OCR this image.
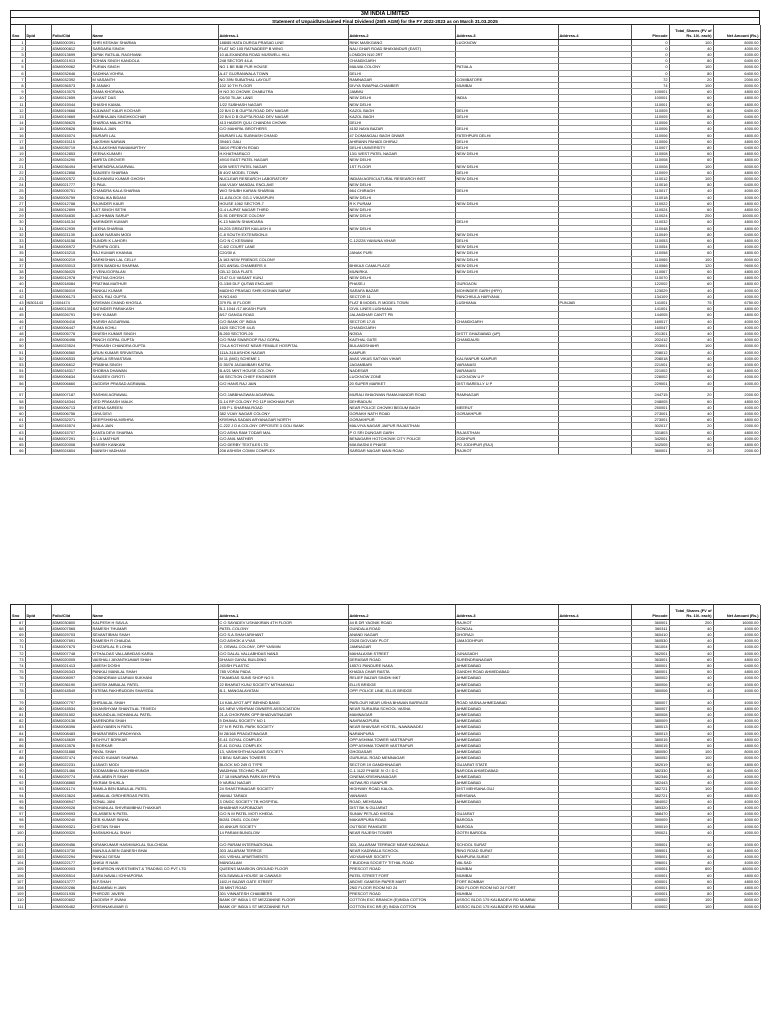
3M INDIA LIMITED
Statement of Unpaid/Unclaimed Final Dividend (26th AGM) for the FY 2022-2023 as on March 31.03.2025
Sno	Dpid	Folio/Clid	Name	Address-1	Address-2	Address-3	Address-4	Pincode	Total_Shares (FV of Rs. 10/- each)	Net Amount (Rs.)
1		83M0000391	SHRI KESHAV SHARMA	188/85 HATA DURGA PRASAD LINE	RINK MASKGANG	LUCKNOW		0	100	8000.00
2		83M0000812	SARDARA SINGH	FLAT NO 105 RATNADEEP B WING	NAU GHAR ROAD BHAYANDUR (EAST)			0	40	4000.00
3		83M0013699	DIPAK RATILAL RAGHVANI	10 ALEXANDRA ROAD MUSWELL HILL	LONDON N10 2RT			0	40	4000.00
4		83M0021913	SOHAN SINGH KANDOLA	248 SECTOR 44-A	CHANDIGARH			0	80	6400.00
5		83M0009062	PURAN SINGH	NO 1 BE BIBI PUR HOUSE	MALWA COLONY	PATIALA		0	100	8000.00
6		83M0032646	SADHNA VOHRA	A-47 GUJRANWALA TOWN	DELHI			0	80	6400.00
7		83M0032392	M VASANTH	NO 39N SUBATHAL LAYOUT	RAMNAGAR	COIMBATORE		72	20	2000.00
8		83M0036573	B JANAKI	102 10 TH FLOOR	DIVYA SWAPNA CHAMBER	MUMBAI		74	100	8000.00
9		83M0013075	RAMA KHORANA	H NO 30 CHOWK CHABUTRA	JAMMU			100001	60	4800.00
10		83M0012659	JAYANT DAS	C6/30 TILAK LANE	NEW DELHI	INDIA		100001	60	4800.00
11		83M0015044	SHASHI KAMAL	1/22 SUBHASH NAGAR	NEW DELHI			110001	60	4800.00
12		83M0019668	KULWANT KAUR KOCHAR	22 B/4 D B GUPTA ROAD DEV NAGAR	KAZOL BAGH	DELHI		110005	80	6400.00
13		83M0019669	HARBHAJAN SINGHKOCHAR	22 B/4 D B GUPTA ROAD DEV NAGAR	KAZOL BAGH	DELHI		110005	80	6400.00
14		83M0036625	SHARDA MALHOTRA	413 HAIDER QULI CHANDNI CHOWK	DELHI			110006	60	4800.00
15		83M0005626	BIMALA JAIN	C/O MAHIPAL BROTHERS	4152 NAYA BAZAR	DELHI		110006	40	4000.00
16		83M0015074	MURARI LAL	MURARI LAL SUBHASH CHAND	47 DOMANGALI BAGH DIWAR	FATEHPURI DELHI		110006	60	4800.00
17		83M0015115	LAKSHMI NARAIN	3944/1 GALI	AHIRANN PAHADI DHIRAJ	DELHI		110006	60	4800.00
18		83M0035719	RAJLAKSHMI RAMAMURTHY	38/10 PROBYN ROAD	DELHI UNIVERSITY	DELHI		110007	80	6400.00
19		83M0012853	VEENA KUMARI	H.KHATHAR&CO	13/1 WEST PATEL NAGAR	NEW DELHI		110008	60	4800.00
20		83M0024290	AMRITA GROVER	49/10 EAST PATEL NAGAR	NEW DELHI			110008	60	4800.00
21		83M0036494	HEMENDRA AGARWAL	6/39 WEST PATEL NAGAR	1ST FLOOR	NEW DELHI		110008	100	8000.00
22		83M0012858	SANJEEV SHARMA	B 40/2 MODEL TOWN		DELHI		110009	60	4800.00
23		83M0002572	SUDHANSU KUMAR GHOSH	NUCLEAR RESEARCH LABORATORY	INDIAN AGRICULTURAL RESEARCH INST	NEW DELHI		110012	100	8000.00
24		83M0021777	G PAUL	44A VIJAY MANDAL ENCLAVE	NEW DELHI			110016	80	6400.00
25		83M0005751	CHANDRA KALA SHARMA	W/O SHUBH KARAN SHARMA	664 CHIRAGH	DELHI		110017	40	4000.00
26		83M0005759	SONALIKA BIDANI	11-A BLOCK GG-1 VIKASPURI	NEW DELHI			110018	40	4000.00
27		83M0012788	RAJINDER KAUR	HOUSE 1062 SECTOR-7	R K PURAM	NEW DELHI		110022	60	4800.00
28		83M0012899	AJIT SINGH SETHI	G-4 LAJPAT NAGAR THIRD	NEW DELHI			110024	60	4800.00
29		83M0034830	LACHHMAN SARUP	D-91 DEFENCE COLONY	NEW DELHI			110024	200	16000.00
30		83M0018134	NARINDER KUMAR	K-13 NAVIN SHAHDARA		DELHI		110032	60	4800.00
31		83M0012939	VEENA SHARMA	M-203 GREATER KAILASH II	NEW DELHI			110048	60	4800.00
32		83M0021139	LAXMI NARAIN MODI	C-8 SOUTH EXTENSION-II		NEW DELHI		110049	80	6400.00
33		83M0018158	SUNDRI K LAHORI	C/O N C KESWANI	C-12/228 YAMUNA VIHAR	DELHI		110053	60	4800.00
34		83M0005972	PUSHPA GOEL	C-6/2 COURT LANE		NEW DELHI		110054	40	4000.00
35		83M0015215	RAJ KUMAR KHANNA	C20/30 A	JANAK PURI	NEW DELHI		110058	60	4800.00
36		83M0000219	HARKISHAN LAL CELLY	A 163 NEW FRIENDS COLONY		NEW DELHI		110065	100	8000.00
37		83M0033013	DEEN BANDHU SHARMA	421 ANSAL CHAMBERS II	BHIKAJI CAMA PLACE	NEW DELHI		110066	120	9600.00
38		83M0036025	V VENUGOPALAN	CB-12 DDA FLATS	MUNIRKA	NEW DELHI		110067	60	4800.00
39		83M0012978	PRATIVA GHOSH	2147 D-II VASANT KUNJ	NEW DELHI			110070	60	4800.00
40		83M0018084	PRATIMA MATHUR	G-13/8 DLF QUTAB ENCLAVE	PHASE-I	GURGAON		122002	60	4800.00
41		83M0036019	PANKAJ KUMAR	MADHO PRASAD SHRI KISHAN SARAF	SARAFA BAZAR	MOHINDER GARH (HRY)		123029	40	4000.00
42		83M0006173	MOOL RAJ GUPTA	H.NO.640	SECTOR 11	PANCHKULA HARYANA		134109	40	4000.00
43	IN301143	10004474	KRISHAN CHAND KHOSLA	379 RL III FLOOR	FLAT B MODEL R MODEL TOWN	LUDHIANA	PUNJAB	141001	75	6750.00
44		83M0013018	SATINDER PARAKASH	B-1 1044 /17 AKASH PURI	CIVIL LINES LUDHIANA			141001	60	4800.00
45		83M0026791	SHIV KUMAR	8/17 GANGA ROAD	JALANDHAR CANTT PB			144005	60	4800.00
46		83M0006416	HARISH AGGARWAL	C/O BANK OF INDIA	SECTOR 17-B	CHANDIGARH		160017	40	4000.00
47		83M0006447	RUMA KOHLI	1620 SECTOR 44-B	CHANDIGARH			160047	40	4000.00
48		83M0005778	DINESH KUMAR SINGH	B-260 SECTOR-26	NOIDA	DISTT GHAZIABAD (UP)		201301	40	4000.00
49		83M0006496	PANCH GOPAL GUPTA	C/O RAM SWAROOP RAJ GOPAL	KAITHAL GATE	CHANDAUSI		202412	40	4000.00
50		83M0023524	PRAKASH CHANDRA GUPTA	724-A KOTHIYAT NEAR FEMALE HOSPITAL	BULANDSHAHR			203001	100	8000.00
51		83M0006560	ARUN KUMAR SRIVASTAVA	111A-318 ASHOK NAGAR	KANPUR			208012	40	4000.00
52		83M0006533	URMILA SRIVASTAVA	M 11 (MIG) SCHEME 1	AVAS VIKAS SATYAN VIHAR	KALYANPUR KANPUR		208018	40	4000.00
53		83M0006612	PRABHA SINGH	D 35/76 JAGAMBARI KATRA	JAGAMBARI	VARANASI		221001	40	4000.00
54		83M0018317	SHOBHA DHAWAN	B-4/21 MINT HOUSE COLONY	NADESAR	VARANASI		221002	60	4800.00
55		83M0006634	SANJEEV GIROTI	68 SECTION CHIEF ENGINEER	LUCKNOW ZONE	LUCKNOW U P		226002	40	4000.00
56		83M0006660	JAGDISH PRASAD AGRAWAL	C/O HANS RAJ JAIN	20 SUPER MARKET	DIST BAREILLY U P		229001	40	4000.00

57		83M0007187	RASHMI AGRAWAL	C/O JABBHAGWAN AGARWAL	MURALI BHAGWAN RAMA MANDIR ROAD	RAMNAGAR		244715	20	2000.00
58		83M0018344	VED PRAKASH MALIK	D-14 RP COLONY PO 11P MOKHAM PUR	DEHRADUN			248005	60	4800.00
59		83M0006713	VEENA SAREEN	195 P L SHARMA ROAD	NEAR POLICE CHOWKI BEGUM BAGH	MEERUT		250001	40	4000.00
60		83M0006756	JAYA DEVI	382 VIJAY NAGAR COLONY	GORAKH NATH ROAD	GORAKHPUR		273001	40	4000.00
61		83M0032071	DEEPSHIKHA MISHRA	KRISHNA SADAN ARYANAGAR NORTH	GORAKHPUR			273001	60	4800.00
62		83M0015574	ANILA JAIN	C-222 J D A COLONY OPPOSITE 3 GOLI BANK	MALVIYA NAGAR JAIPUR RAJASTHAN			302017	20	2000.00
63		83M0015707	KANTA DEVI SHARMA	C/O ASHA RAM TODAR MAL	P O SRI DUNGAR GARH	RAJASTHAN		331803	60	4800.00
64		83M0007291	G L A MATHUR	C/O ANIL MATHER	BENAGARH HOTCHOWK CITY POLICE	JODHPUR		342001	40	4000.00
65		83M0020008	HARISH KANKANI	C/O DERBY TEXTILES LTD	MIA BASNI II PHASE	PO JODHPUR (RAJ)		342005	60	4800.00
66		83M0024804	MANISH VADHANI	206 ASHISH COMM COMPLEX	SARDAR NAGAR MAIN ROAD	RAJKOT		360001	20	2000.00
Sno	Dpid	Folio/Clid	Name	Address-1	Address-2	Address-3	Address-4	Pincode	Total_Shares (FV of Rs. 10/- each)	Net Amount (Rs.)
67		83M0030800	KALPESH H SAVLA	C O SAYADEV USHAKIRAN 4TH FLOOR	44 B DR YAGNIK ROAD	RAJKOT		360001	200	16000.00
68		83M0007565	RAMESH THUMAR	PATEL COLONY	GUNDALA ROAD	GONDAL		360311	40	4000.00
69		83M0029703	SEVANTIBHAI SHAH	C/O S.A.SHAH ARIHANT	ANAND NAGAR	DHORAJI		360410	40	4000.00
70		83M0007691	RAMESH R CHAUDA	C/O ASHOK A VYAS	23/28 DIGVIJAY PLOT	JAMJODHPUR		360530	40	4000.00
71		83M0007675	CHATARLAL R LOHIA	2, OSWAL COLONY, OPP YASMIN	JAMNAGAR			361004	40	4000.00
72		83M0007748	VITHALDAS VALLABHDAS KARIA	C/O DALAL VALLABHDAS NANJI	MAHALAXMI STREET	JUNAGADH		362001	40	4000.00
73		83M0020005	VAISHALI JAYANTKUMAR SHAH	DHANJI GAYAL BUILDING	DERASAR ROAD	SURENDRANAGAR		363001	60	4800.00
74		83M0021413	UMESH DOSHI	JIGISH PLASTIC	1857/1 PANDURE NAKA	AHMEDABAD		380001	80	6400.00
75		83M0026343	PANKAJ MANILAL SHAH	785 VORAI PADA	KHADIA CHAR RASTA	GANDHI ROAD AHMEDABAD		380001	60	4800.00
76		83M0008097	GOBINDRAM UJARAM SUKHANI	TIKAMDAS SUNS SHOP NO 5	RELIEF BAZAR SINDHI MKT	AHMEDABAD		380002	40	4000.00
77		83M0036190	JAYESH AMBALAL PATEL	22 BHARAT KUNJ SOCIETY MITHAKHALI	ELLIS BRIDGE	AHMEDABAD		380006	40	4000.00
78		83M0018549	FATEMA FAKHRUDDIN SHAYEDA	B-1, MANGALAYATAN	OPP. POLICE LINE, ELLIS BRIDGE	AHMEDABAD		380006	40	4000.00

79		83M0007797	DHRUALAL SHAH	14 KAILAYOT APT BEHIND BANG	PARLOUR NEAR USHA BHAVAN BARRAGE	ROAD VASNA AHMEDABAD		380007	40	4000.00
80		83M0018534	GHANSHYAM SHANTILAL TRIVEDI	6/1 NEW VISHRAM OWNERS ASSOCIATION	NEAR SURAJBA SCHOOL VASNA	AHMEDABAD		380007	60	4800.00
81		83M0031502	MUKUNDLAL MOHANLAL PATEL	21-A CHOKPARK OPP BHADVATNAGAR	MAMNAGAR	AHMEDABAD		380008	40	4000.00
82		83M0020136	NARENDRA SHAH	5 DHAVAL SOCIETY NO 1	NAVRANGPURA	AHMEDABAD		380009	40	4000.00
83		83M0008396	ANSUYABEN N PATEL	27 N R PATEL PARK SOCIETY	NEAR BHAVSAR HOSTEL, NAWAWADEJ	AHMEDABAD		380013	40	4000.00
84		83M0008483	BHARATIBEN UPADHYAYA	M 28/168 PRAGATINAGAR	NARANPURA	AHMEDABAD		380013	40	4000.00
85		83M0018639	VIDHYUT BORKAR	E-41 GOYAL COMPLEX	OPP ASHIMA TOWER VASTRAPUR	AHMEDABAD		380015	60	4800.00
86		83M0013576	B BORKAR	E-41 GOYAL COMPLEX	OPP ASHIMA TOWER VASTRAPUR	AHMEDABAD		380015	60	4800.00
87		83M0031888	PAYAL SHAH	13, VASHISHTHA NAGAR SOCIETY	GHODASAR	AHMEDABAD		380050	100	8000.00
88		83M0037474	VINOD KUMAR SHARMA	3 BEAI SARJAN TOWERS	GURUKUL ROAD MEMNAGAR	AHMEDABAD		380052	100	8000.00
89		83M0022231	UJAVATI MODI	BLOCK NO 249 G TYPE	SECTOR 19 GANDHINAGAR	GUJARAT STATE		382019	60	4800.00
90		83M0021466	SODMANBHAI SUKHBHISINGH	WADHWA TECHNO PLAST	C-1 1122 PHASE IV G I D C	NARODA AHMEDABAD		382330	80	6400.00
91		83M0029774	VIMLABEN R SHAH	17 18 MINARWA PARK B/H PRIYA	CINEMA KRISHNANAGAR	AHMEDABAD		382346	40	4000.00
92		83M0008865	VIKRAM SHUKLA	9 VAIRAJ NAGAR	VATWA RD ISANPUR	AHMEDABAD		382443	40	4000.00
93		83M0001174	RAMILA BEN BABULAL PATEL	24 SHASTRINAGAR SOCIETY	HIGHWAY ROAD KALOL	DIST MEHSANA GUJ		382721	100	8000.00
94		83M0013624	AMBALAL GIRDHERDAS PATEL	VAMAJ TARADI	VANAVAS	MEHSANA		382721	60	4800.00
95		83M0008947	SONAL JANI	3 ONGC SOCIETY TB HOSPITAL	ROAD, MEHSANA	AHMEDABAD		384002	40	4000.00
96		83M0009026	MOHANLAL SHIVRAMBHAI THAKKAR	BHABHAR KAPDBAZAR	DIST BK N GUJARAT			385320	40	4000.00
97		83M0009093	VILASBEN N PATEL	C/O N M PATEL MOTI KHEDA	SUNAV PETLAD KHEDA	GUJARAT		388470	40	4000.00
98		83M0009240	DEB KUMAR SINHA	B/281 ONGL COLONY	MAKARPURA ROAD	BARODA		390009	40	4000.00
99		83M0009321	CHETAN SHAH	40 ANKUR SOCIETY	OUTSIDE PANIGATE	BARODA		390019	40	4000.00
100		83M0009320	HASMUKHLAL SHAH	14 PARAM BUNGLOW	NEAR RAJESH TOWER	GOTRI BARODA		390021	40	4000.00

101		83M0009456	KIRANKUMAR HASHMUKLAL SULCHIDIA	C/O PARAM INTERNATIONAL	303, JALARAM TERRACE NEAR KADIWALA	SCHOOL SURAT		395001	40	4000.00
102		83M0013730	MANJULA BEN GANESH BHAI	303 JALARAM TERRCE	NEAR KADIWALA SCHOOL	RING ROAD SURAT		395001	60	4800.00
103		83M0022294	PANKAJ DESAI	401 VISHAL APARTMENTS	VIDYAVIHAR SOCIETY	NANPURA SURAT		395001	40	4000.00
104		83M0022177	ANKUI R NAIK	MANGALAM	7 BUDDHA SOCIETY TITHAL ROAD	VALSAD		396001	40	4000.00
105		83M0000003	SHEARSON INVESTMENT & TRADING CO PVT LTD	QUEENS MANSION GROUND FLOOR	PRESCOT ROAD	MUMBAI		400001	600	48000.00
106		83M0005514	DARA NAVALI ICHHAPORIA	KOLSAWALA HOUSE 16 CAWASJI	PATEL STREET FORT	MUMBAI		400001	60	4800.00
107		83M0013777	M.F.SHAH	16/2-H BAZAR GATE STREET	ABOVE GANESH PAPER MART	FORT BOMBAY		400001	60	4800.00
108		83M0020286	BADAMBAI H JAIN	35 MINT ROAD	2ND FLOOR ROOM NO 24	2ND FLOOR ROOM NO 24 FORT		400001	60	4800.00
109		83M0021935	PHIROZE JAVERI	301 VINNATESH CHAMBERS	PRESCOT ROAD	MUMBAI		400001	80	6400.00
110		83M0020602	JAGDISH P JIVANI	BANK OF INDIA 1 ST MEZZANINE FLOOR	COTTON EXC BRANCH (E)INDIA COTTON	ASSOC BLDG 175 KALBADEVI RD MUMBAI		400002	100	8000.00
111		83M0005462	KRISHNAKUMAR G	BANK OF INDIA 1 ST MEZZANINE FLR	COTTON EXC BR (E) INDIA COTTON	ASSOC BLDG 175 KALBADEVI RD MUMBAI		400002	100	8000.00
